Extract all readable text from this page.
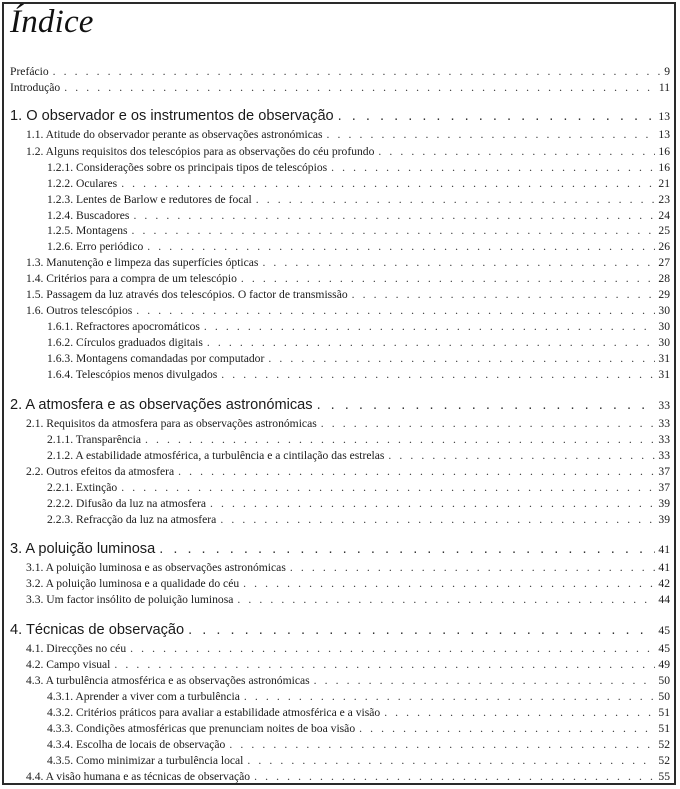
Índice
Prefácio . . .	9
Introdução . . .	11
1. O observador e os instrumentos de observação . . .	13
1.1. Atitude do observador perante as observações astronómicas . . .	13
1.2. Alguns requisitos dos telescópios para as observações do céu profundo . . .	16
1.2.1. Considerações sobre os principais tipos de telescópios . . .	16
1.2.2. Oculares . . .	21
1.2.3. Lentes de Barlow e redutores de focal . . .	23
1.2.4. Buscadores . . .	24
1.2.5. Montagens . . .	25
1.2.6. Erro periódico . . .	26
1.3. Manutenção e limpeza das superfícies ópticas . . .	27
1.4. Critérios para a compra de um telescópio . . .	28
1.5. Passagem da luz através dos telescópios. O factor de transmissão . . .	29
1.6. Outros telescópios . . .	30
1.6.1. Refractores apocromáticos . . .	30
1.6.2. Círculos graduados digitais . . .	30
1.6.3. Montagens comandadas por computador . . .	31
1.6.4. Telescópios menos divulgados . . .	31
2. A atmosfera e as observações astronómicas . . .	33
2.1. Requisitos da atmosfera para as observações astronómicas . . .	33
2.1.1. Transparência . . .	33
2.1.2. A estabilidade atmosférica, a turbulência e a cintilação das estrelas . . .	33
2.2. Outros efeitos da atmosfera . . .	37
2.2.1. Extinção . . .	37
2.2.2. Difusão da luz na atmosfera . . .	39
2.2.3. Refracção da luz na atmosfera . . .	39
3. A poluição luminosa . . .	41
3.1. A poluição luminosa e as observações astronómicas . . .	41
3.2. A poluição luminosa e a qualidade do céu . . .	42
3.3. Um factor insólito de poluição luminosa . . .	44
4. Técnicas de observação . . .	45
4.1. Direcções no céu . . .	45
4.2. Campo visual . . .	49
4.3. A turbulência atmosférica e as observações astronómicas . . .	50
4.3.1. Aprender a viver com a turbulência . . .	50
4.3.2. Critérios práticos para avaliar a estabilidade atmosférica e a visão . . .	51
4.3.3. Condições atmosféricas que prenunciam noites de boa visão . . .	51
4.3.4. Escolha de locais de observação . . .	52
4.3.5. Como minimizar a turbulência local . . .	52
4.4. A visão humana e as técnicas de observação . . .	55
